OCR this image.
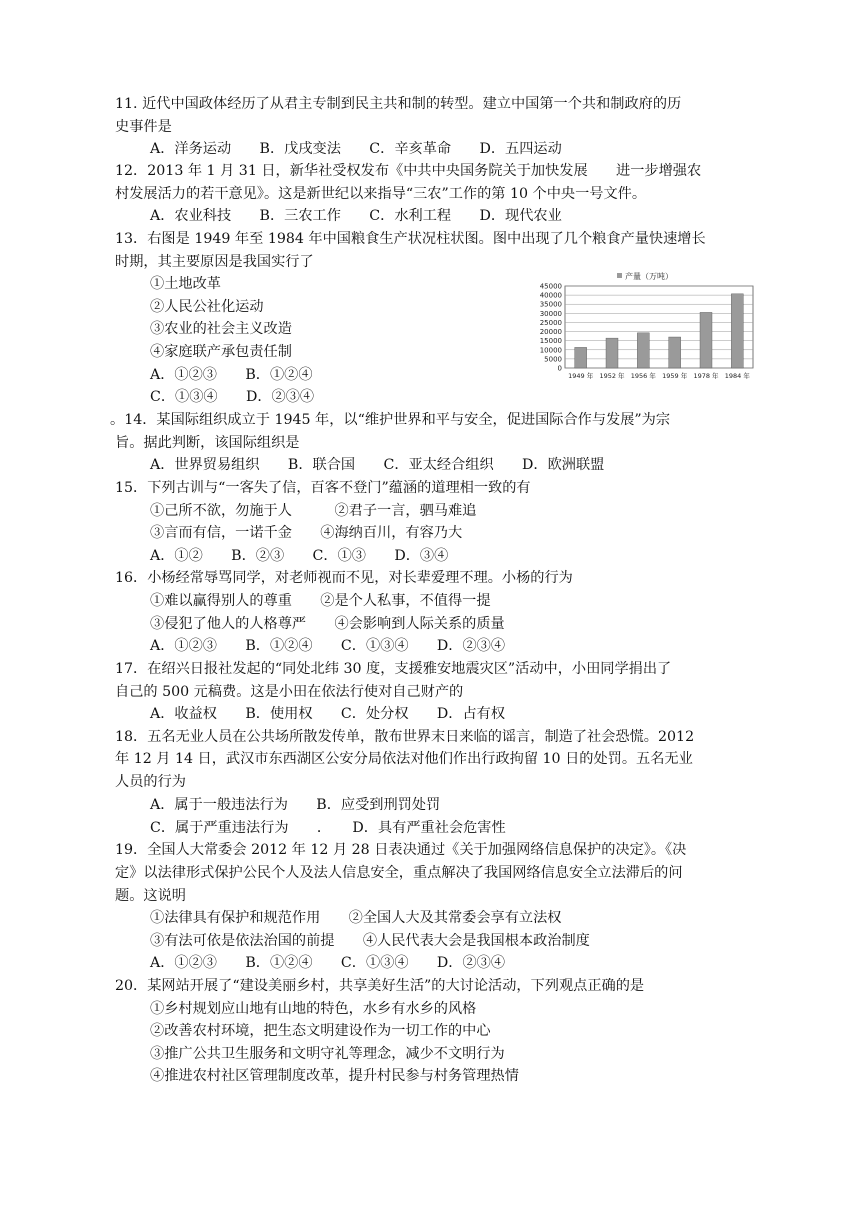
11. 近代中国政体经历了从君主专制到民主共和制的转型。建立中国第一个共和制政府的历
史事件是
A．洋务运动　　B．戊戌变法　　C．辛亥革命　　D．五四运动
12．2013 年 1 月 31 日，新华社受权发布《中共中央国务院关于加快发展　　进一步增强农
村发展活力的若干意见》。这是新世纪以来指导“三农”工作的第 10 个中央一号文件。
A．农业科技　　B．三农工作　　C．水利工程　　D．现代农业
13．右图是 1949 年至 1984 年中国粮食生产状况柱状图。图中出现了几个粮食产量快速增长
时期，其主要原因是我国实行了
①土地改革
②人民公社化运动
③农业的社会主义改造
④家庭联产承包责任制
A．①②③　　B．①②④
C．①③④　　D．②③④
。14．某国际组织成立于 1945 年，以“维护世界和平与安全，促进国际合作与发展”为宗
旨。据此判断，该国际组织是
A．世界贸易组织　　B．联合国　　C．亚太经合组织　　D．欧洲联盟
15．下列古训与“一客失了信，百客不登门”蕴涵的道理相一致的有
①己所不欲，勿施于人　　　②君子一言，驷马难追
③言而有信，一诺千金　　④海纳百川，有容乃大
A．①②　　B．②③　　C．①③　　D．③④
16．小杨经常辱骂同学，对老师视而不见，对长辈爱理不理。小杨的行为
①难以赢得别人的尊重　　②是个人私事，不值得一提
③侵犯了他人的人格尊严　　④会影响到人际关系的质量
A．①②③　　B．①②④　　C．①③④　　D．②③④
17．在绍兴日报社发起的“同处北纬 30 度，支援雅安地震灾区”活动中，小田同学捐出了
自己的 500 元稿费。这是小田在依法行使对自己财产的
A．收益权　　B．使用权　　C．处分权　　D．占有权
18．五名无业人员在公共场所散发传单，散布世界末日来临的谣言，制造了社会恐慌。2012
年 12 月 14 日，武汉市东西湖区公安分局依法对他们作出行政拘留 10 日的处罚。五名无业
人员的行为
A．属于一般违法行为　　B．应受到刑罚处罚
C．属于严重违法行为　　．　　D．具有严重社会危害性
19．全国人大常委会 2012 年 12 月 28 日表决通过《关于加强网络信息保护的决定》。《决
定》以法律形式保护公民个人及法人信息安全，重点解决了我国网络信息安全立法滞后的问
题。这说明
①法律具有保护和规范作用　　②全国人大及其常委会享有立法权
③有法可依是依法治国的前提　　④人民代表大会是我国根本政治制度
A．①②③　　B．①②④　　C．①③④　　D．②③④
20．某网站开展了“建设美丽乡村，共享美好生活”的大讨论活动，下列观点正确的是
①乡村规划应山地有山地的特色，水乡有水乡的风格
②改善农村环境，把生态文明建设作为一切工作的中心
③推广公共卫生服务和文明守礼等理念，减少不文明行为
④推进农村社区管理制度改革，提升村民参与村务管理热情
产量（万吨）
45000
40000
35000
30000
25000
20000
15000
10000
5000
0
1949 年 1952 年 1956 年 1959 年 1978 年 1984 年
